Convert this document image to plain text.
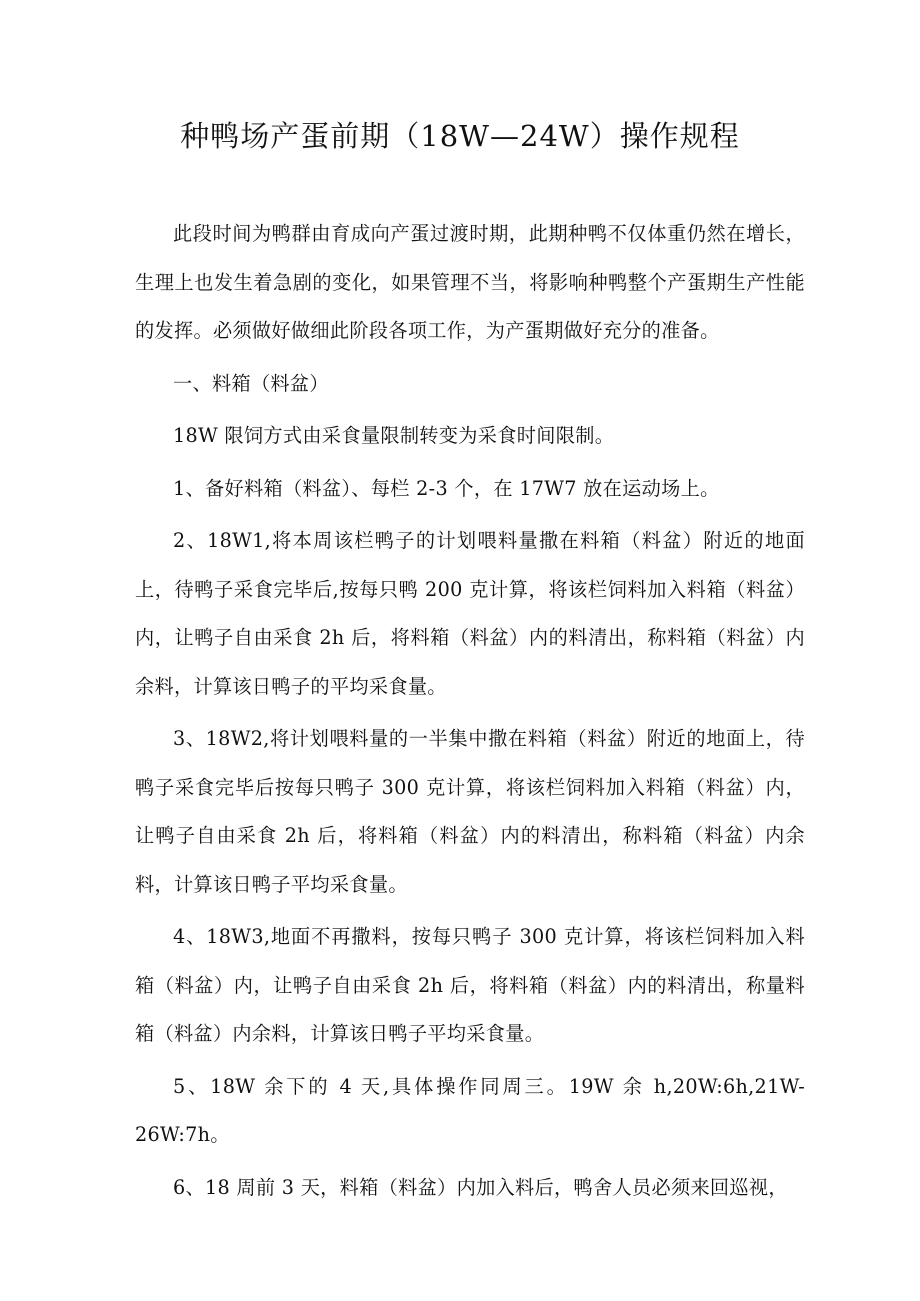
种鸭场产蛋前期（18W—24W）操作规程

此段时间为鸭群由育成向产蛋过渡时期，此期种鸭不仅体重仍然在增长，生理上也发生着急剧的变化，如果管理不当，将影响种鸭整个产蛋期生产性能的发挥。必须做好做细此阶段各项工作，为产蛋期做好充分的准备。

一、料箱（料盆）

18W 限饲方式由采食量限制转变为采食时间限制。

1、备好料箱（料盆）、每栏 2-3 个，在 17W7 放在运动场上。

2、18W1,将本周该栏鸭子的计划喂料量撒在料箱（料盆）附近的地面上，待鸭子采食完毕后,按每只鸭 200 克计算，将该栏饲料加入料箱（料盆）内，让鸭子自由采食 2h 后，将料箱（料盆）内的料清出，称料箱（料盆）内余料，计算该日鸭子的平均采食量。

3、18W2,将计划喂料量的一半集中撒在料箱（料盆）附近的地面上，待鸭子采食完毕后按每只鸭子 300 克计算，将该栏饲料加入料箱（料盆）内，让鸭子自由采食 2h 后，将料箱（料盆）内的料清出，称料箱（料盆）内余料，计算该日鸭子平均采食量。

4、18W3,地面不再撒料，按每只鸭子 300 克计算，将该栏饲料加入料箱（料盆）内，让鸭子自由采食 2h 后，将料箱（料盆）内的料清出，称量料箱（料盆）内余料，计算该日鸭子平均采食量。

5、18W 余下的 4 天,具体操作同周三。19W 余 h,20W:6h,21W-26W:7h。

6、18 周前 3 天，料箱（料盆）内加入料后，鸭舍人员必须来回巡视，
